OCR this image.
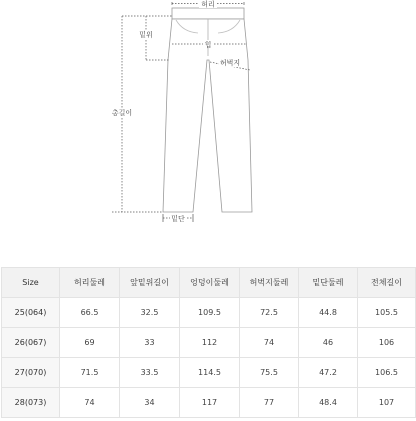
허리
힙
밑위
총길이
허벅지
밑단
Size	허리둘레	앞밑위길이	엉덩이둘레	허벅지둘레	밑단둘레	전체길이
25(064)	66.5	32.5	109.5	72.5	44.8	105.5
26(067)	69	33	112	74	46	106
27(070)	71.5	33.5	114.5	75.5	47.2	106.5
28(073)	74	34	117	77	48.4	107
